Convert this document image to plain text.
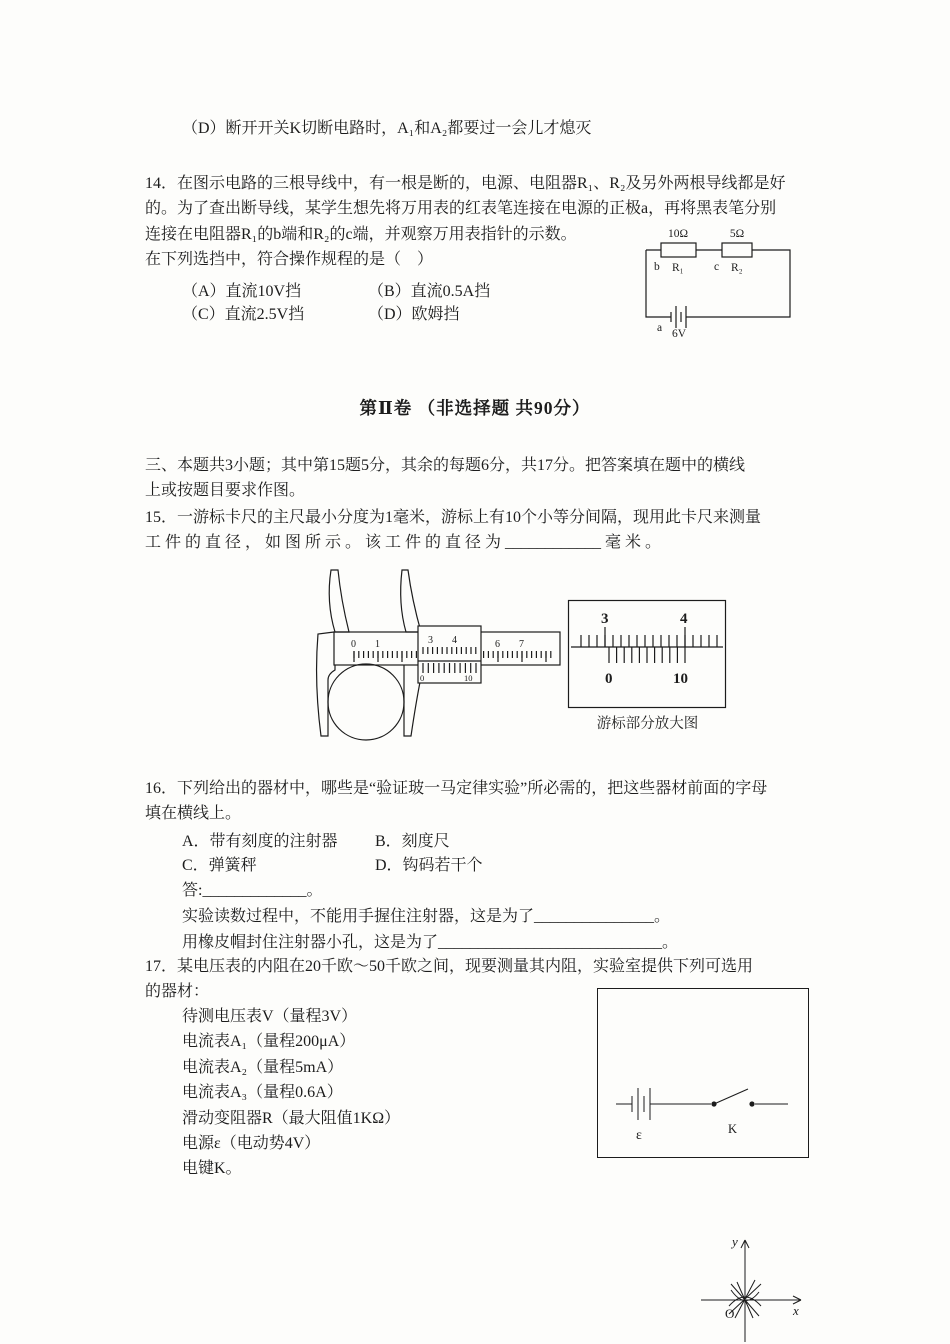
（D）断开开关K切断电路时，A₁和A₂都要过一会儿才熄灭
14．在图示电路的三根导线中，有一根是断的，电源、电阻器R₁、R₂及另外两根导线都是好
的。为了查出断导线，某学生想先将万用表的红表笔连接在电源的正极a，再将黑表笔分别
连接在电阻器R₁的b端和R₂的c端，并观察万用表指针的示数。
在下列选挡中，符合操作规程的是（　）
（A）直流10V挡	（B）直流0.5A挡
（C）直流2.5V挡	（D）欧姆挡
10Ω	5Ω
b R₁	c R₂
a 6V
第Ⅱ卷 （非选择题 共90分）
三、本题共3小题；其中第15题5分，其余的每题6分，共17分。把答案填在题中的横线
上或按题目要求作图。
15．一游标卡尺的主尺最小分度为1毫米，游标上有10个小等分间隔，现用此卡尺来测量
工 件 的 直 径 ， 如 图 所 示 。 该 工 件 的 直 径 为 ____________ 毫 米 。
0 1	6 7
3 4
0	10
3	4
0	10
游标部分放大图
16．下列给出的器材中，哪些是“验证玻一马定律实验”所必需的，把这些器材前面的字母
填在横线上。
A．带有刻度的注射器 B．刻度尺
C．弹簧秤	D．钩码若干个
答:_____________。
实验读数过程中，不能用手握住注射器，这是为了_______________。
用橡皮帽封住注射器小孔，这是为了____________________________。
17．某电压表的内阻在20千欧～50千欧之间，现要测量其内阻，实验室提供下列可选用
的器材：
待测电压表V（量程3V）
电流表A₁（量程200μA）
电流表A₂（量程5mA）
电流表A₃（量程0.6A）
滑动变阻器R（最大阻值1KΩ）
电源ε（电动势4V）
电键K。
ε	K
y
x
O
